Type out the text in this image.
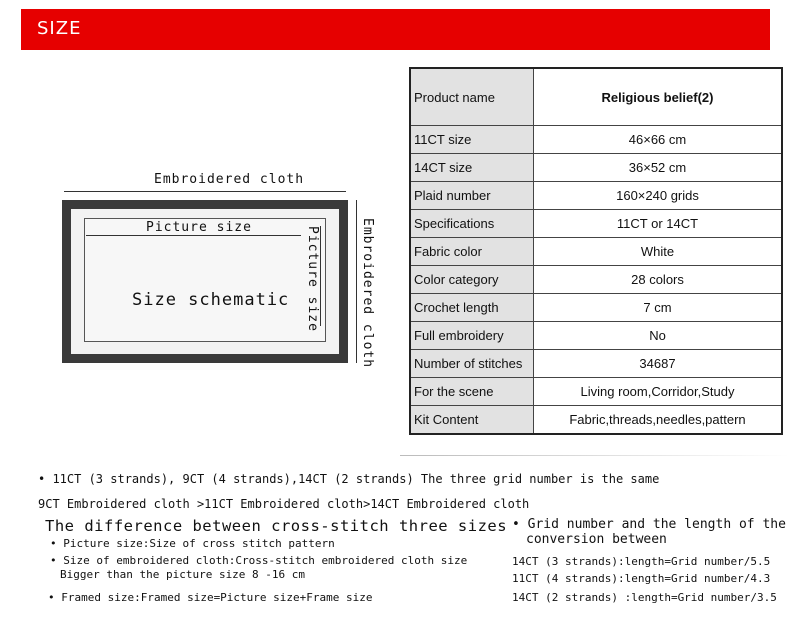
SIZE
Embroidered cloth
Picture size	Picture size	Embroidered cloth
Size schematic
Product name	Religious belief(2)
11CT size	46×66 cm
14CT size	36×52 cm
Plaid number	160×240 grids
Specifications	11CT or 14CT
Fabric color	White
Color category	28 colors
Crochet length	7 cm
Full embroidery	No
Number of stitches	34687
For the scene	Living room,Corridor,Study
Kit Content	Fabric,threads,needles,pattern
• 11CT (3 strands), 9CT (4 strands),14CT (2 strands) The three grid number is the same
9CT Embroidered cloth >11CT Embroidered cloth>14CT Embroidered cloth
The difference between cross-stitch three sizes
• Picture size:Size of cross stitch pattern
• Size of embroidered cloth:Cross-stitch embroidered cloth size
Bigger than the picture size 8 -16 cm
• Framed size:Framed size=Picture size+Frame size
• Grid number and the length of the
conversion between
14CT (3 strands):length=Grid number/5.5
11CT (4 strands):length=Grid number/4.3
14CT (2 strands) :length=Grid number/3.5
